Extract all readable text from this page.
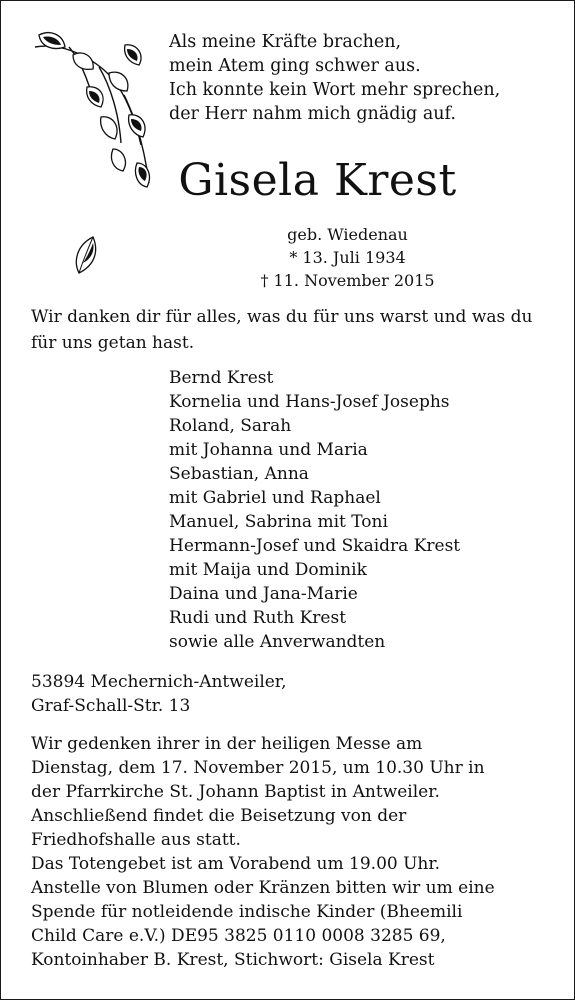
Als meine Kräfte brachen,
mein Atem ging schwer aus.
Ich konnte kein Wort mehr sprechen,
der Herr nahm mich gnädig auf.
Gisela Krest
geb. Wiedenau
* 13. Juli 1934
† 11. November 2015
Wir danken dir für alles, was du für uns warst und was du
für uns getan hast.
Bernd Krest
Kornelia und Hans-Josef Josephs
Roland, Sarah
mit Johanna und Maria
Sebastian, Anna
mit Gabriel und Raphael
Manuel, Sabrina mit Toni
Hermann-Josef und Skaidra Krest
mit Maija und Dominik
Daina und Jana-Marie
Rudi und Ruth Krest
sowie alle Anverwandten
53894 Mechernich-Antweiler,
Graf-Schall-Str. 13
Wir gedenken ihrer in der heiligen Messe am
Dienstag, dem 17. November 2015, um 10.30 Uhr in
der Pfarrkirche St. Johann Baptist in Antweiler.
Anschließend findet die Beisetzung von der
Friedhofshalle aus statt.
Das Totengebet ist am Vorabend um 19.00 Uhr.
Anstelle von Blumen oder Kränzen bitten wir um eine
Spende für notleidende indische Kinder (Bheemili
Child Care e.V.) DE95 3825 0110 0008 3285 69,
Kontoinhaber B. Krest, Stichwort: Gisela Krest
